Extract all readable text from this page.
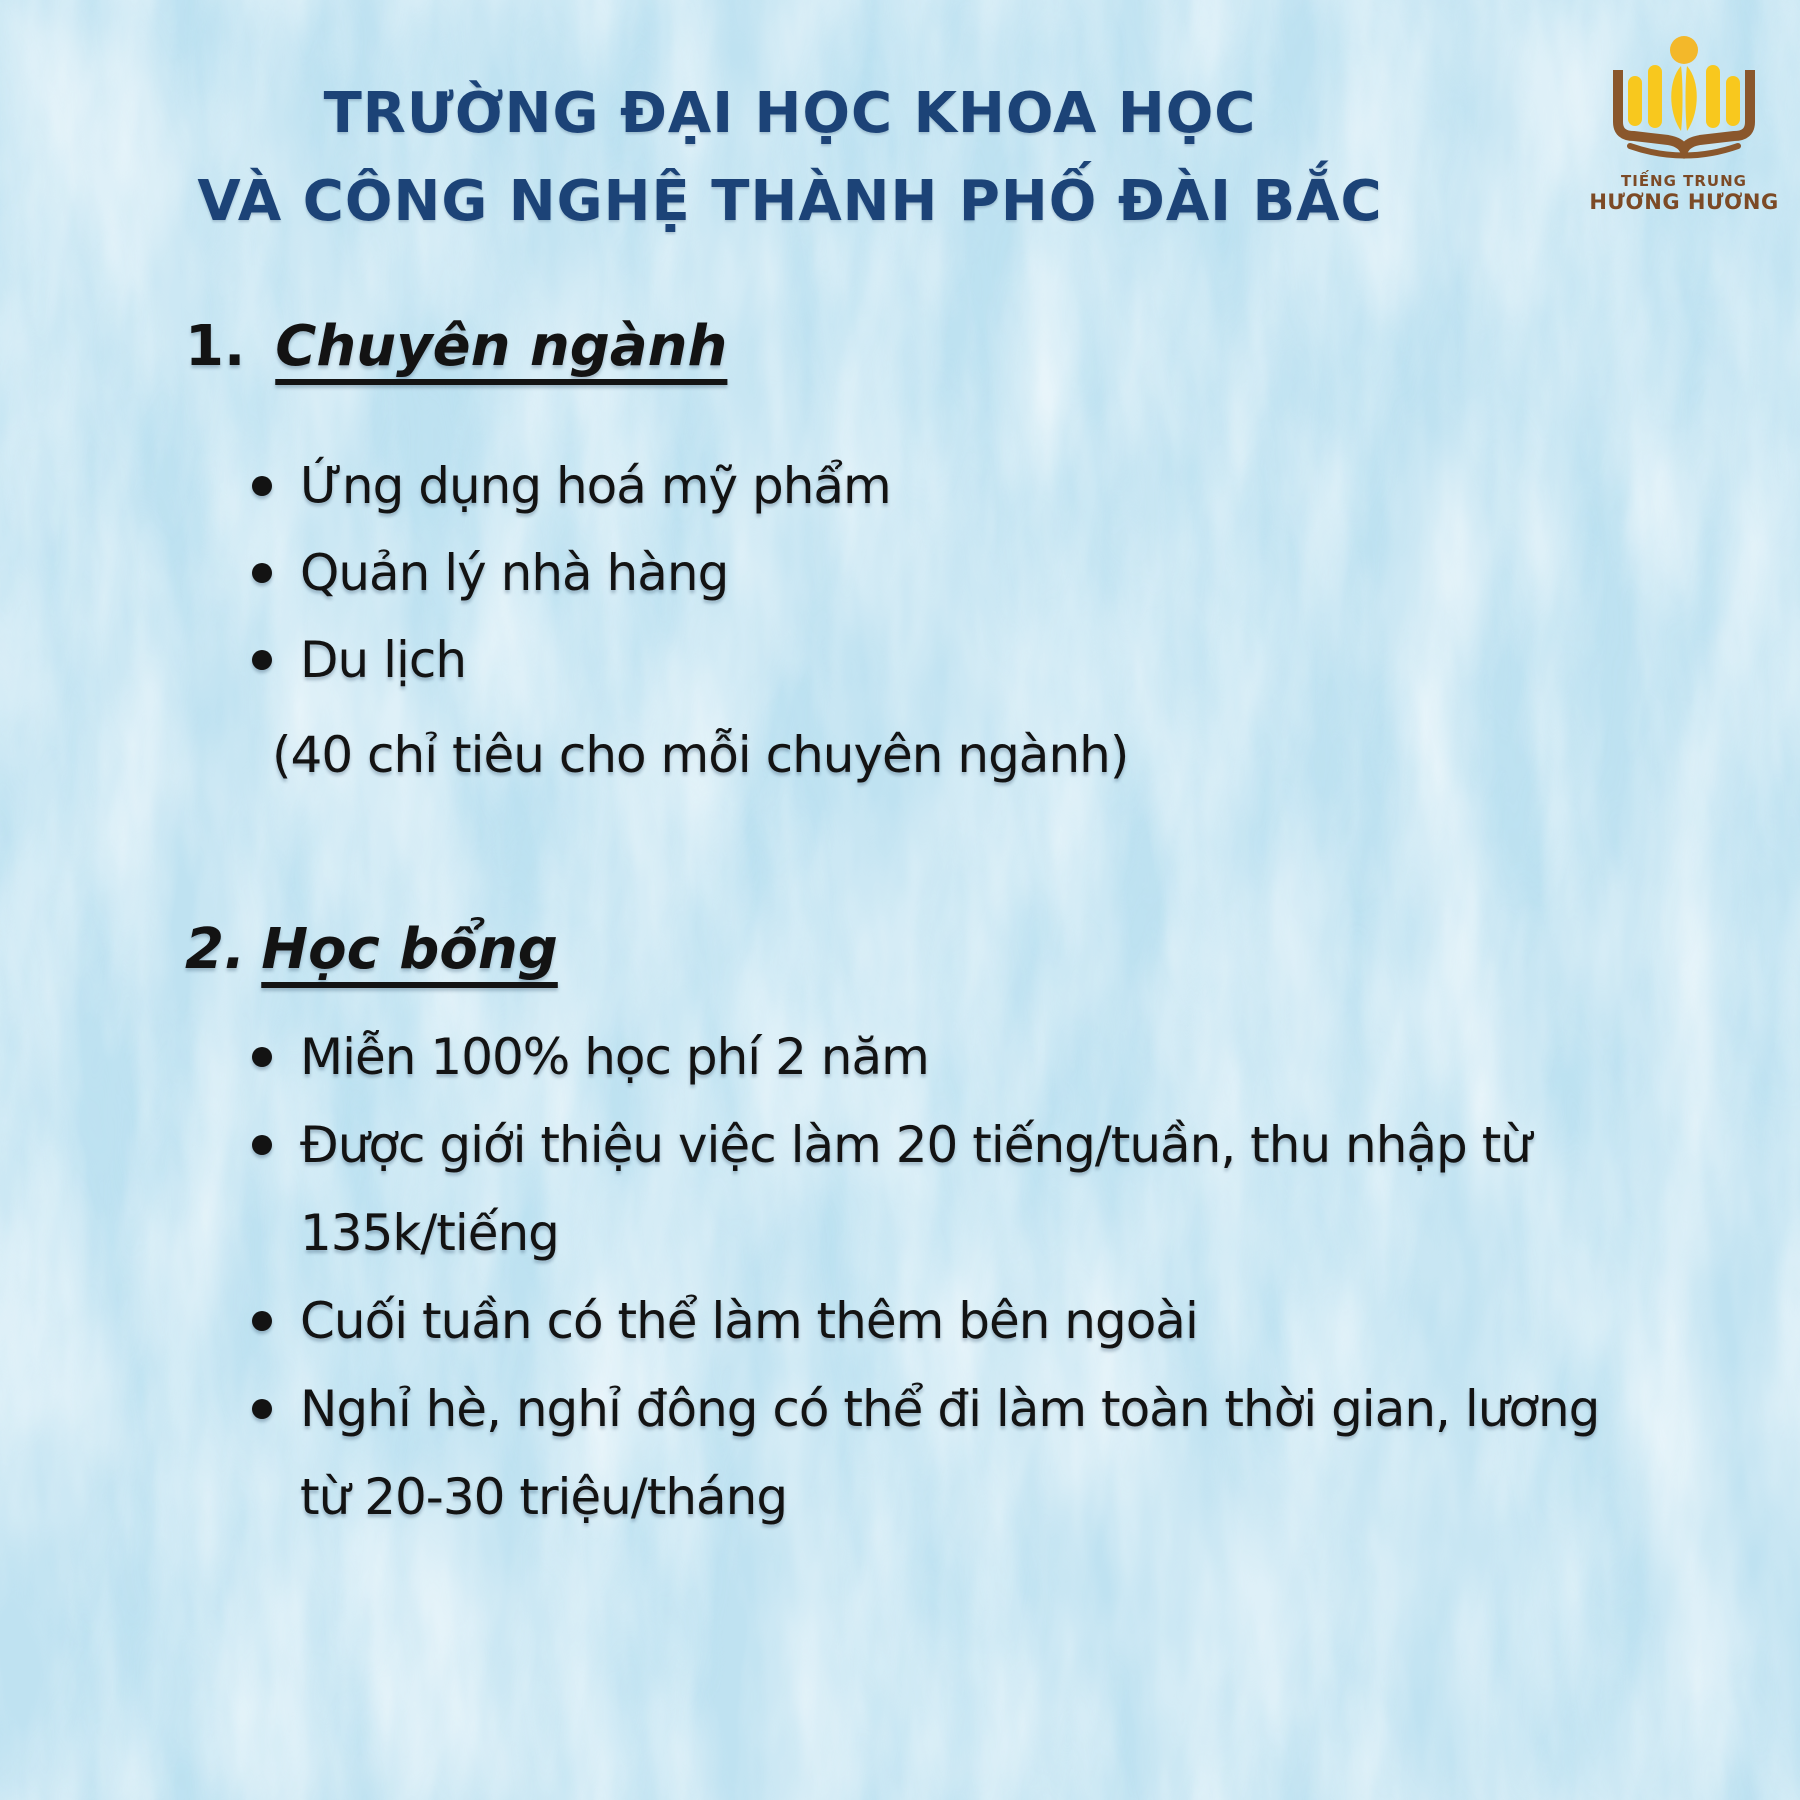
TRƯỜNG ĐẠI HỌC KHOA HỌC
VÀ CÔNG NGHỆ THÀNH PHỐ ĐÀI BẮC	TIẾNG TRUNG
HƯƠNG HƯƠNG
1. Chuyên ngành
Ứng dụng hoá mỹ phẩm
Quản lý nhà hàng
Du lịch
(40 chỉ tiêu cho mỗi chuyên ngành)
2. Học bổng
Miễn 100% học phí 2 năm
Được giới thiệu việc làm 20 tiếng/tuần, thu nhập từ
135k/tiếng
Cuối tuần có thể làm thêm bên ngoài
Nghỉ hè, nghỉ đông có thể đi làm toàn thời gian, lương
từ 20-30 triệu/tháng
